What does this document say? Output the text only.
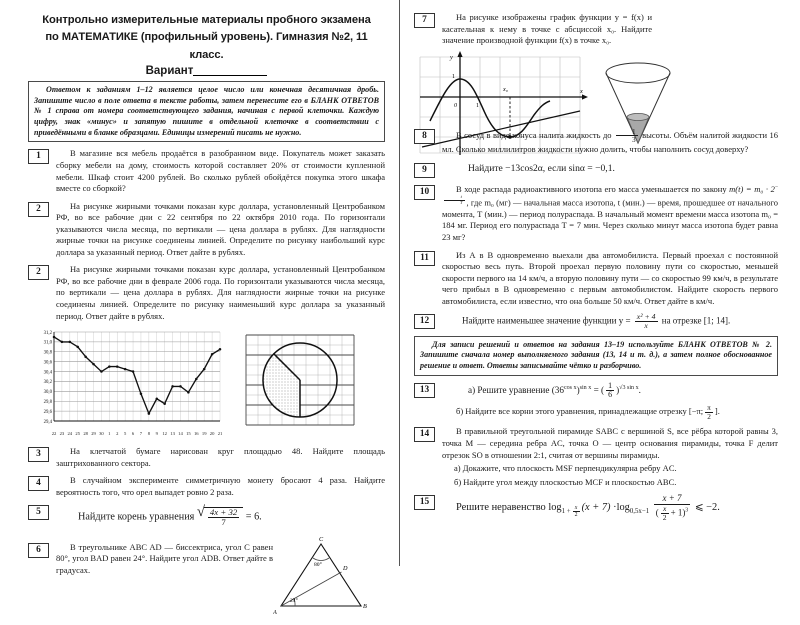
Контрольно измерительные материалы пробного экзамена
по МАТЕМАТИКЕ (профильный уровень). Гимназия №2, 11 класс.
Вариант
Ответом к заданиям 1–12 является целое число или конечная десятичная дробь. Запишите число в поле ответа в тексте работы, затем перенесите его в БЛАНК ОТВЕТОВ № 1 справа от номера соответствующего задания, начиная с первой клеточки. Каждую цифру, знак «минус» и запятую пишите в отдельной клеточке в соответствии с приведёнными в бланке образцами. Единицы измерений писать не нужно.
1	В магазине вся мебель продаётся в разобранном виде. Покупатель может заказать сборку мебели на дому, стоимость которой составляет 20% от стоимости купленной мебели. Шкаф стоит 4200 рублей. Во сколько рублей обойдётся покупка этого шкафа вместе со сборкой?
2	На рисунке жирными точками показан курс доллара, установленный Центробанком РФ, во все рабочие дни с 22 сентября по 22 октября 2010 года. По горизонтали указываются числа месяца, по вертикали — цена доллара в рублях. Для наглядности жирные точки на рисунке соединены линией. Определите по рисунку наибольший курс доллара за указанный период. Ответ дайте в рублях.
2	На рисунке жирными точками показан курс доллара, установленный Центробанком РФ, во все рабочие дни в феврале 2006 года. По горизонтали указываются числа месяца, по вертикали — цена доллара в рублях. Для наглядности жирные точки на рисунке соединены линией. Определите по рисунку наименьший курс доллара за указанный период. Ответ дайте в рублях.
29,4
29,6
29,8
30,0
30,2
30,4
30,6
30,8
31,0
31,2
22 23 24 25 28 29 30 1 2 5 6 7 8 9 12 13 14 15 16 19 20 21
3	На клетчатой бумаге нарисован круг площадью 48. Найдите площадь заштрихованного сектора.
4	В случайном эксперименте симметричную монету бросают 4 раза. Найдите вероятность того, что орел выпадет ровно 2 раза.
5	Найдите корень уравнения √ $\frac{4x + 32}{7} = 6$.
6	В треугольнике ABC AD — биссектриса, угол C равен 80°, угол BAD равен 24°. Найдите угол ADB. Ответ дайте в градусах.
C
B
A
D
80°
24°
7	На рисунке изображены график функции y = f(x) и касательная к нему в точке с абсциссой x₀. Найдите значение производной функции f(x) в точке x₀.
0	1
1
y
x
x₀
8	В сосуд в виде конуса налита жидкость до $\frac{1}{3}$ высоты. Объём налитой жидкости 16 мл. Сколько миллилитров жидкости нужно долить, чтобы наполнить сосуд доверху?
9	Найдите −13cos2α, если sinα = −0,1.
10	В ходе распада радиоактивного изотопа его масса уменьшается по закону $m(t) = m_0 \cdot 2^{- \frac{t}{T}}$ , где m₀ (мг) — начальная масса изотопа, t (мин.) — время, прошедшее от начального момента, T (мин.) — период полураспада. В начальный момент времени масса изотопа m₀ = 184 мг. Период его полураспада T = 7 мин. Через сколько минут масса изотопа будет равна 23 мг?
11	Из А в В одновременно выехали два автомобилиста. Первый проехал с постоянной скоростью весь путь. Второй проехал первую половину пути со скоростью, меньшей скорости первого на 14 км/ч, а вторую половину пути — со скоростью 99 км/ч, в результате чего прибыл в В одновременно с первым автомобилистом. Найдите скорость первого автомобилиста, если известно, что она больше 50 км/ч. Ответ дайте в км/ч.
12	Найдите наименьшее значение функции $y = \frac{\text{x² + 4}}{x}$ на отрезке [1; 14].
Для записи решений и ответов на задания 13–19 используйте БЛАНК ОТВЕТОВ № 2. Запишите сначала номер выполняемого задания (13, 14 и т. д.), а затем полное обоснованное решение и ответ. Ответы записывайте чётко и разборчиво.
13	а) Решите уравнение $(36^{cos x})^{sin x}$ = ( $\frac{1}{6} )^{√3 sin x}$.
б) Найдите все корни этого уравнения, принадлежащие отрезку [−π; $\frac{\pi}{2}$ ].
14	В правильной треугольной пирамиде SABC с вершиной S, все рёбра которой равны 3, точка M — середина ребра AC, точка O — центр основания пирамиды, точка F делит отрезок SO в отношении 2:1, считая от вершины пирамиды.
а) Докажите, что плоскость MSF перпендикулярна ребру AC.
б) Найдите угол между плоскостью MCF и плоскостью ABC.
15
Решите неравенство $\log_{1 + \frac{x}{2}} (x + 7) \cdot\log_{0,5x-1} \frac{x + 7}{( \frac{x}{2} + 1)^3}$ ⩽ −2.
